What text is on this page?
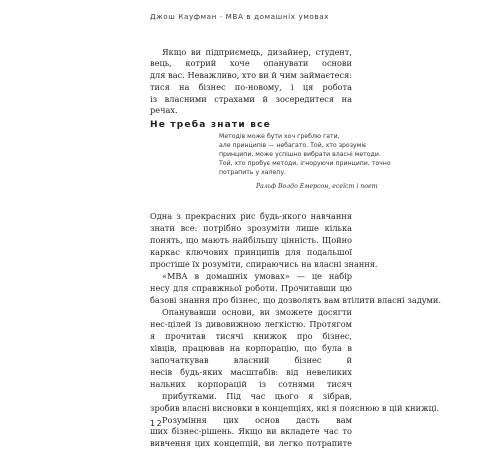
Джош Кауфман · MBA в домашніх умовах
Якщо ви підприємець, дизайнер, студент,
вець, котрий хоче опанувати основи
для вас. Неважливо, хто ви й чим займаєтеся:
тися на бізнес по-новому, і ця робота
із власними страхами й зосередитеся на
речах.
Не треба знати все
Методів може бути хоч греблю гати,
але принципів — небагато. Той, хто зрозуміє
принципи, може успішно вибрати власні методи.
Той, хто пробує методи, ігноруючи принципи, точно
потрапить у халепу.
Ральф Волдо Емерсон, есеїст і поет
Одна з прекрасних рис будь-якого навчання
знати все: потрібно зрозуміти лише кілька
понять, що мають найбільшу цінність. Щойно
каркас ключових принципів для подальшої
простіше їх розуміти, спираючись на власні знання.
«МВА в домашніх умовах» — це набір
несу для справжньої роботи. Прочитавши цю
базові знання про бізнес, що дозволять вам втілити власні задуми.
Опанувавши основи, ви зможете досягти
нес-цілей із дивовижною легкістю. Протягом
я прочитав тисячі книжок про бізнес,
хівців, працював на корпорацію, що була в
започаткував власний бізнес й
несів будь-яких масштабів: від невеликих
нальних корпорацій із сотнями тисяч
прибутками. Під час цього я зібрав,
зробив власні висновки в концепціях, які я пояснюю в цій книжці.
Розуміння цих основ дасть вам
ших бізнес-рішень. Якщо ви вкладете час то
вивчення цих концепцій, ви легко потрапите
12
